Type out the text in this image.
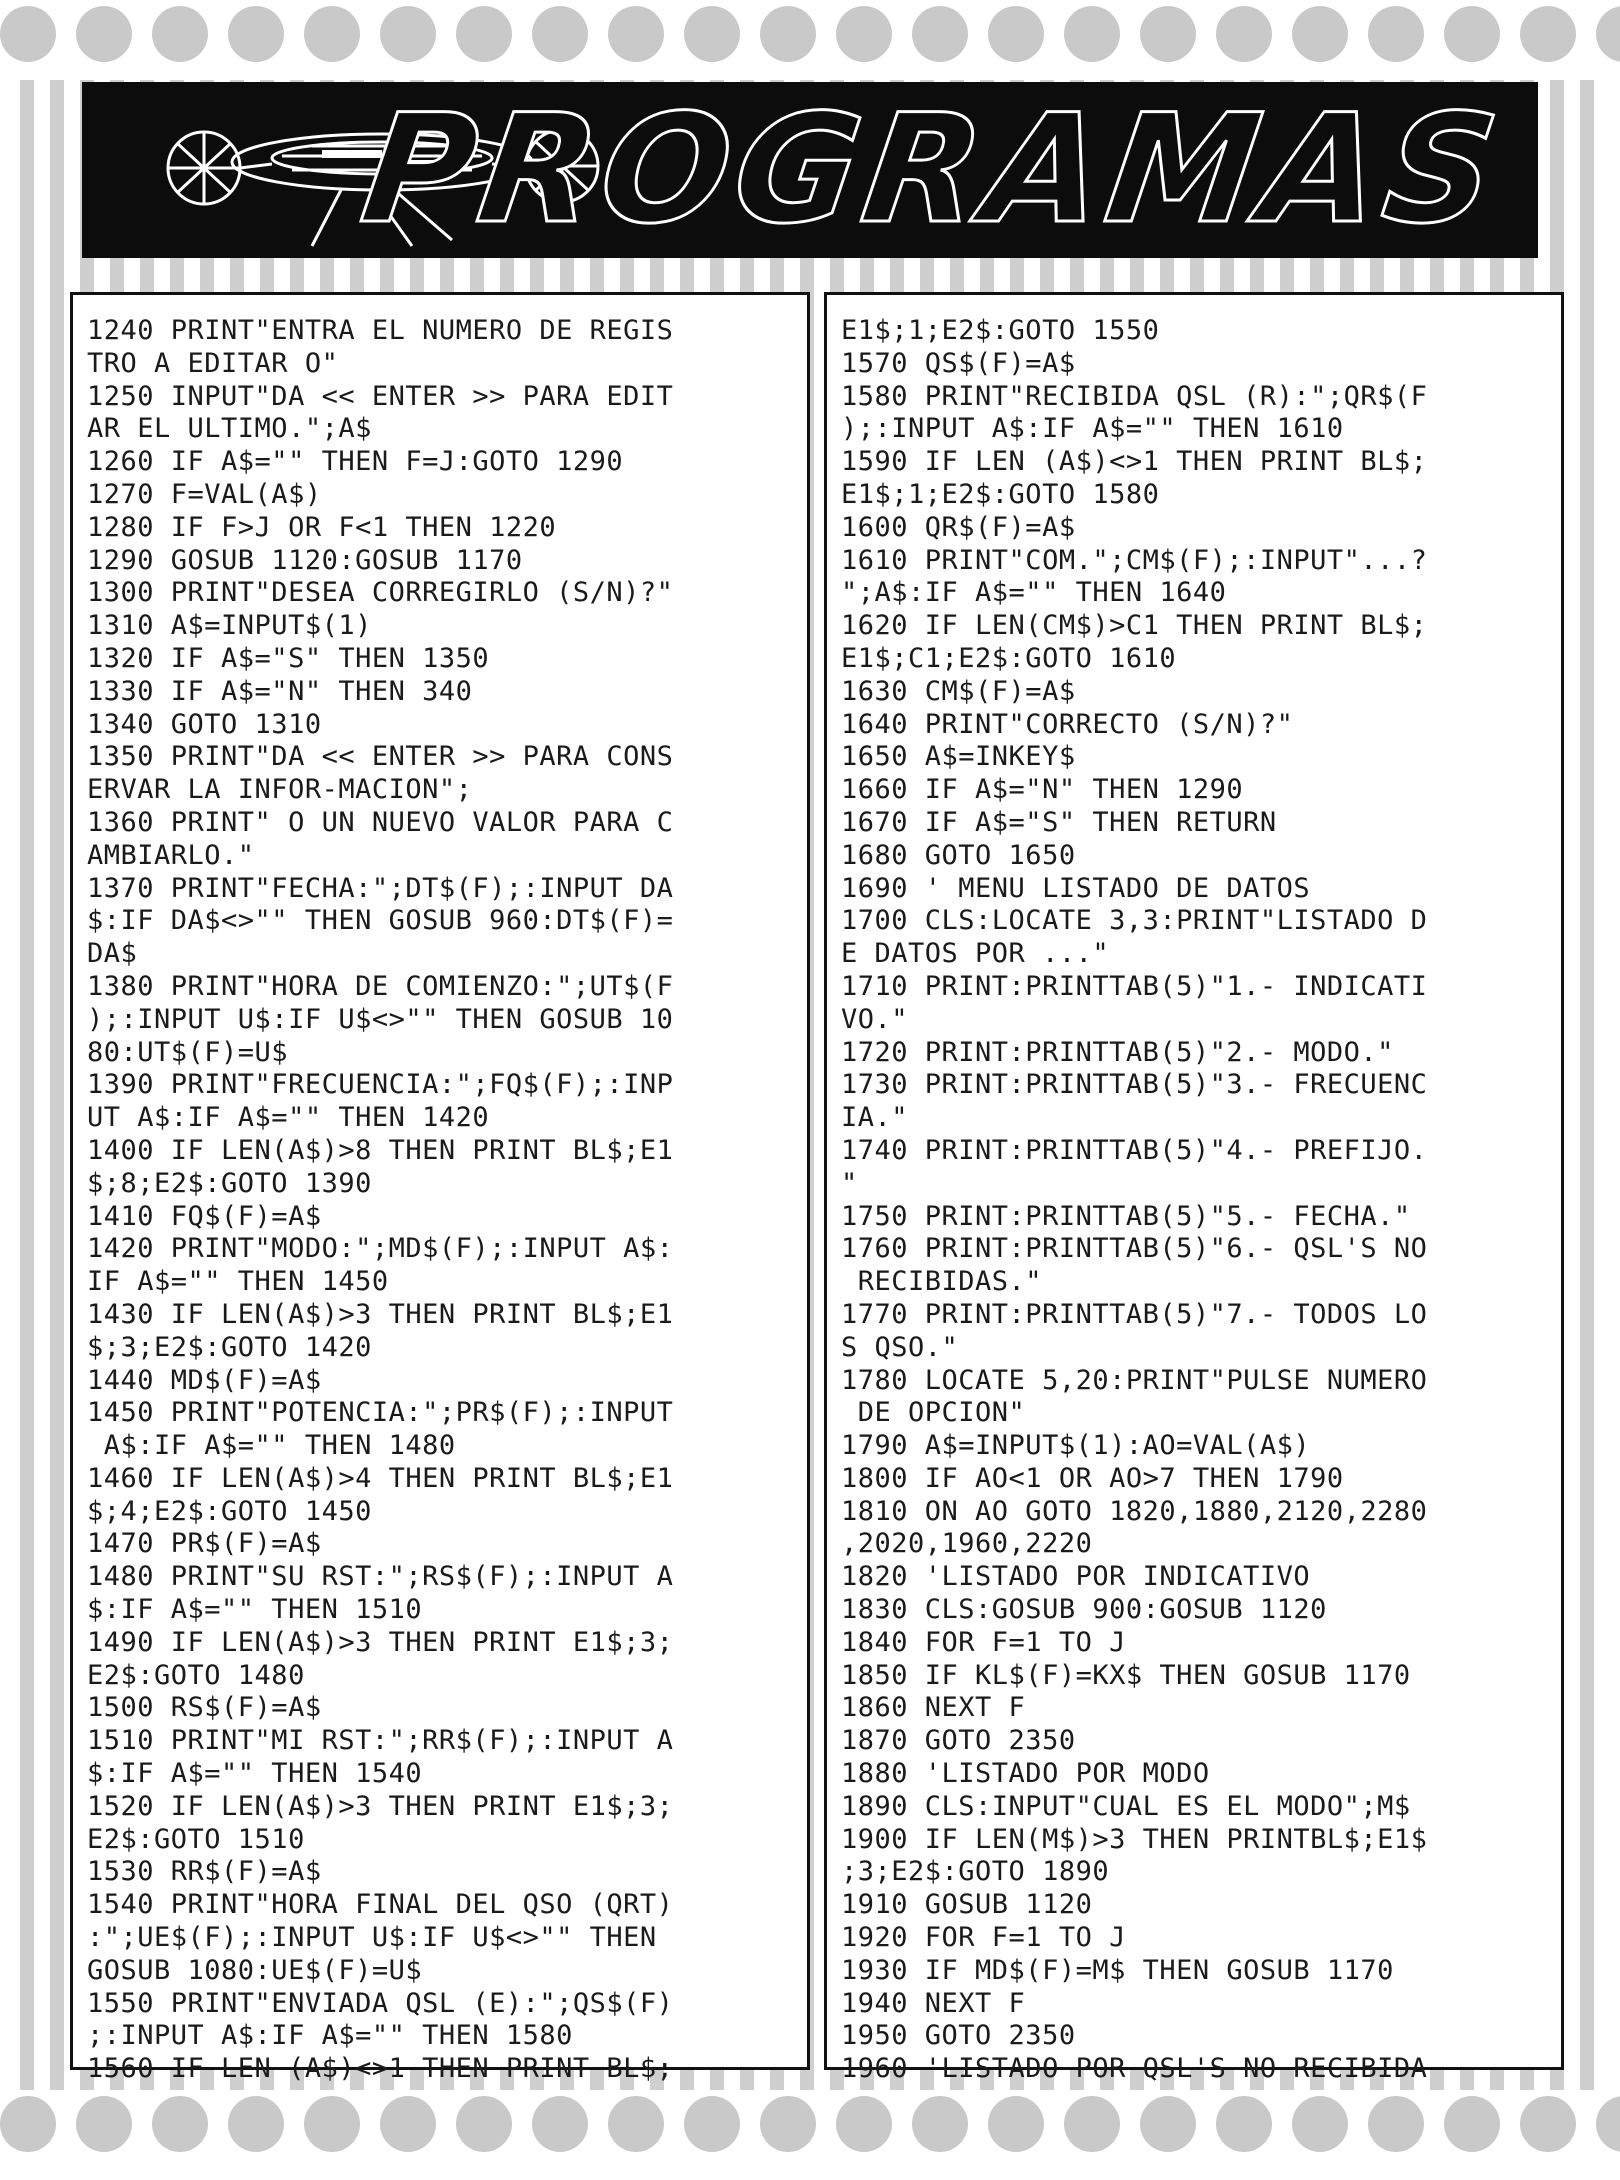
PROGRAMAS
1240 PRINT"ENTRA EL NUMERO DE REGIS
TRO A EDITAR O"
1250 INPUT"DA << ENTER >> PARA EDIT
AR EL ULTIMO.";A$
1260 IF A$="" THEN F=J:GOTO 1290
1270 F=VAL(A$)
1280 IF F>J OR F<1 THEN 1220
1290 GOSUB 1120:GOSUB 1170
1300 PRINT"DESEA CORREGIRLO (S/N)?"
1310 A$=INPUT$(1)
1320 IF A$="S" THEN 1350
1330 IF A$="N" THEN 340
1340 GOTO 1310
1350 PRINT"DA << ENTER >> PARA CONS
ERVAR LA INFOR-MACION";
1360 PRINT" O UN NUEVO VALOR PARA C
AMBIARLO."
1370 PRINT"FECHA:";DT$(F);:INPUT DA
$:IF DA$<>"" THEN GOSUB 960:DT$(F)=
DA$
1380 PRINT"HORA DE COMIENZO:";UT$(F
);:INPUT U$:IF U$<>"" THEN GOSUB 10
80:UT$(F)=U$
1390 PRINT"FRECUENCIA:";FQ$(F);:INP
UT A$:IF A$="" THEN 1420
1400 IF LEN(A$)>8 THEN PRINT BL$;E1
$;8;E2$:GOTO 1390
1410 FQ$(F)=A$
1420 PRINT"MODO:";MD$(F);:INPUT A$:
IF A$="" THEN 1450
1430 IF LEN(A$)>3 THEN PRINT BL$;E1
$;3;E2$:GOTO 1420
1440 MD$(F)=A$
1450 PRINT"POTENCIA:";PR$(F);:INPUT
A$:IF A$="" THEN 1480
1460 IF LEN(A$)>4 THEN PRINT BL$;E1
$;4;E2$:GOTO 1450
1470 PR$(F)=A$
1480 PRINT"SU RST:";RS$(F);:INPUT A
$:IF A$="" THEN 1510
1490 IF LEN(A$)>3 THEN PRINT E1$;3;
E2$:GOTO 1480
1500 RS$(F)=A$
1510 PRINT"MI RST:";RR$(F);:INPUT A
$:IF A$="" THEN 1540
1520 IF LEN(A$)>3 THEN PRINT E1$;3;
E2$:GOTO 1510
1530 RR$(F)=A$
1540 PRINT"HORA FINAL DEL QSO (QRT)
:";UE$(F);:INPUT U$:IF U$<>"" THEN
GOSUB 1080:UE$(F)=U$
1550 PRINT"ENVIADA QSL (E):";QS$(F)
;:INPUT A$:IF A$="" THEN 1580
1560 IF LEN (A$)<>1 THEN PRINT BL$;
E1$;1;E2$:GOTO 1550
1570 QS$(F)=A$
1580 PRINT"RECIBIDA QSL (R):";QR$(F
);:INPUT A$:IF A$="" THEN 1610
1590 IF LEN (A$)<>1 THEN PRINT BL$;
E1$;1;E2$:GOTO 1580
1600 QR$(F)=A$
1610 PRINT"COM.";CM$(F);:INPUT"...?
";A$:IF A$="" THEN 1640
1620 IF LEN(CM$)>C1 THEN PRINT BL$;
E1$;C1;E2$:GOTO 1610
1630 CM$(F)=A$
1640 PRINT"CORRECTO (S/N)?"
1650 A$=INKEY$
1660 IF A$="N" THEN 1290
1670 IF A$="S" THEN RETURN
1680 GOTO 1650
1690 ' MENU LISTADO DE DATOS
1700 CLS:LOCATE 3,3:PRINT"LISTADO D
E DATOS POR ..."
1710 PRINT:PRINTTAB(5)"1.- INDICATI
VO."
1720 PRINT:PRINTTAB(5)"2.- MODO."
1730 PRINT:PRINTTAB(5)"3.- FRECUENC
IA."
1740 PRINT:PRINTTAB(5)"4.- PREFIJO.
"
1750 PRINT:PRINTTAB(5)"5.- FECHA."
1760 PRINT:PRINTTAB(5)"6.- QSL'S NO
RECIBIDAS."
1770 PRINT:PRINTTAB(5)"7.- TODOS LO
S QSO."
1780 LOCATE 5,20:PRINT"PULSE NUMERO
DE OPCION"
1790 A$=INPUT$(1):AO=VAL(A$)
1800 IF AO<1 OR AO>7 THEN 1790
1810 ON AO GOTO 1820,1880,2120,2280
,2020,1960,2220
1820 'LISTADO POR INDICATIVO
1830 CLS:GOSUB 900:GOSUB 1120
1840 FOR F=1 TO J
1850 IF KL$(F)=KX$ THEN GOSUB 1170
1860 NEXT F
1870 GOTO 2350
1880 'LISTADO POR MODO
1890 CLS:INPUT"CUAL ES EL MODO";M$
1900 IF LEN(M$)>3 THEN PRINTBL$;E1$
;3;E2$:GOTO 1890
1910 GOSUB 1120
1920 FOR F=1 TO J
1930 IF MD$(F)=M$ THEN GOSUB 1170
1940 NEXT F
1950 GOTO 2350
1960 'LISTADO POR QSL'S NO RECIBIDA
